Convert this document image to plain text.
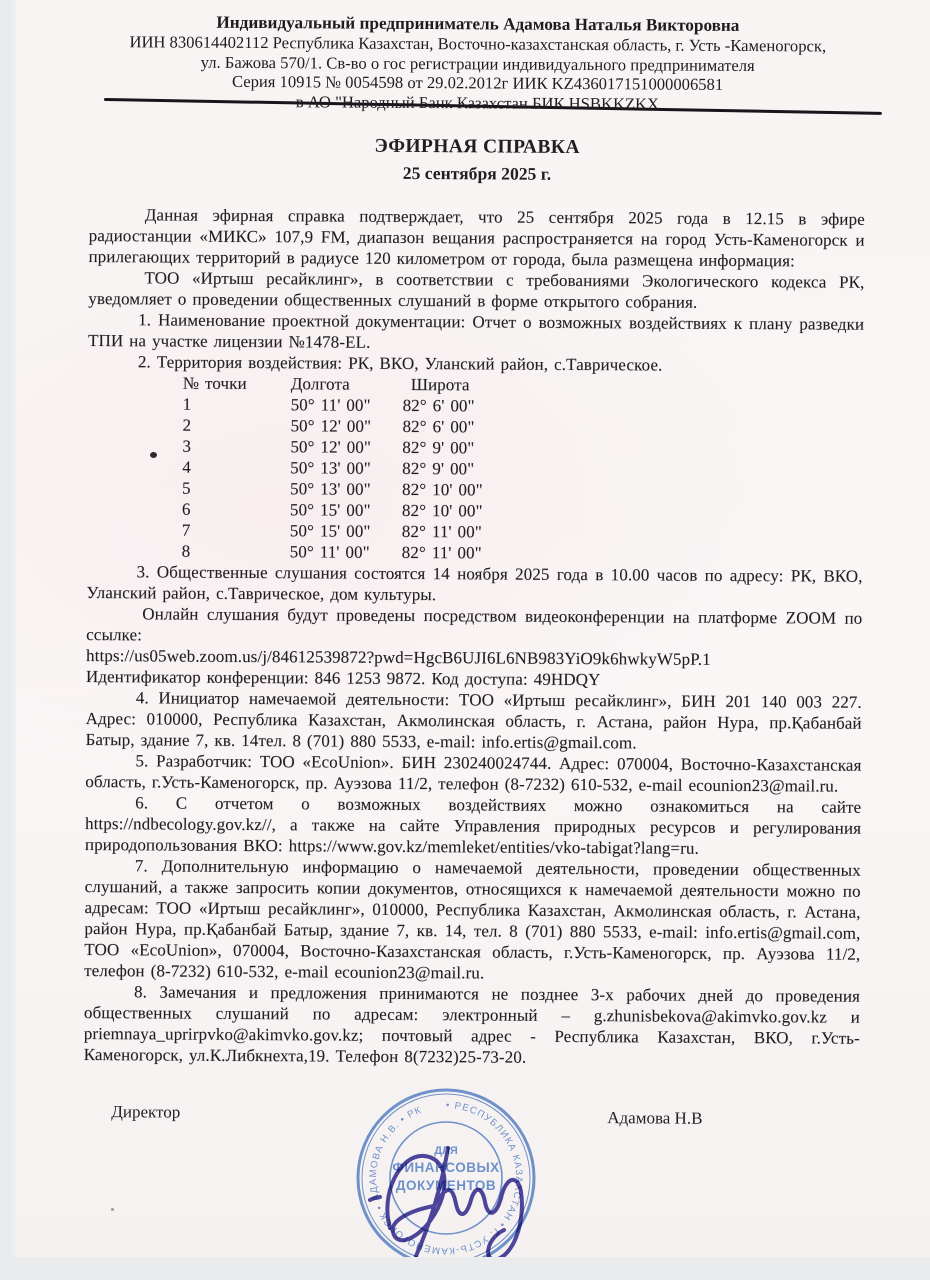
Индивидуальный предприниматель Адамова Наталья Викторовна
ИИН 830614402112 Республика Казахстан, Восточно-казахстанская область, г. Усть -Каменогорск,
ул. Бажова 570/1. Св-во о гос регистрации индивидуального предпринимателя
Серия 10915 № 0054598 от 29.02.2012г ИИК KZ436017151000006581
в АО "Народный Банк Казахстан БИК HSBKKZKX
ЭФИРНАЯ СПРАВКА
25 сентября 2025 г.
Данная эфирная справка подтверждает, что 25 сентября 2025 года в 12.15 в эфире радиостанции «МИКС» 107,9 FM, диапазон вещания распространяется на город Усть-Каменогорск и прилегающих территорий в радиусе 120 километром от города, была размещена информация:
ТОО «Иртыш ресайклинг», в соответствии с требованиями Экологического кодекса РК, уведомляет о проведении общественных слушаний в форме открытого собрания.
1. Наименование проектной документации: Отчет о возможных воздействиях к плану разведки ТПИ на участке лицензии №1478-EL.
2. Территория воздействия: РК, ВКО, Уланский район, с.Таврическое.
№ точки	Долгота	Широта
1	50° 11' 00"	82° 6' 00"
2	50° 12' 00"	82° 6' 00"
3	50° 12' 00"	82° 9' 00"
4	50° 13' 00"	82° 9' 00"
5	50° 13' 00"	82° 10' 00"
6	50° 15' 00"	82° 10' 00"
7	50° 15' 00"	82° 11' 00"
8	50° 11' 00"	82° 11' 00"
3. Общественные слушания состоятся 14 ноября 2025 года в 10.00 часов по адресу: РК, ВКО, Уланский район, с.Таврическое, дом культуры.
Онлайн слушания будут проведены посредством видеоконференции на платформе ZOOM по ссылке:
https://us05web.zoom.us/j/84612539872?pwd=HgcB6UJI6L6NB983YiO9k6hwkyW5pP.1
Идентификатор конференции: 846 1253 9872. Код доступа: 49HDQY
4. Инициатор намечаемой деятельности: ТОО «Иртыш ресайклинг», БИН 201 140 003 227. Адрес: 010000, Республика Казахстан, Акмолинская область, г. Астана, район Нура, пр.Қабанбай Батыр, здание 7, кв. 14тел. 8 (701) 880 5533, e-mail: info.ertis@gmail.com.
5. Разработчик: ТОО «EcoUnion». БИН 230240024744. Адрес: 070004, Восточно-Казахстанская область, г.Усть-Каменогорск, пр. Ауэзова 11/2, телефон (8-7232) 610-532, e-mail ecounion23@mail.ru.
6. С отчетом о возможных воздействиях можно ознакомиться на сайте https://ndbecology.gov.kz//, а также на сайте Управления природных ресурсов и регулирования природопользования ВКО: https://www.gov.kz/memleket/entities/vko-tabigat?lang=ru.
7. Дополнительную информацию о намечаемой деятельности, проведении общественных слушаний, а также запросить копии документов, относящихся к намечаемой деятельности можно по адресам: ТОО «Иртыш ресайклинг», 010000, Республика Казахстан, Акмолинская область, г. Астана, район Нура, пр.Қабанбай Батыр, здание 7, кв. 14, тел. 8 (701) 880 5533, e-mail: info.ertis@gmail.com, ТОО «EcoUnion», 070004, Восточно-Казахстанская область, г.Усть-Каменогорск, пр. Ауэзова 11/2, телефон (8-7232) 610-532, e-mail ecounion23@mail.ru.
8. Замечания и предложения принимаются не позднее 3-х рабочих дней до проведения общественных слушаний по адресам: электронный – g.zhunisbekova@akimvko.gov.kz и priemnaya_uprirpvko@akimvko.gov.kz; почтовый адрес - Республика Казахстан, ВКО, г.Усть-Каменогорск, ул.К.Либкнехта,19. Телефон 8(7232)25-73-20.
Директор	Адамова Н.В
• РЕСПУБЛИКА КАЗАХСТАН • Г. УСТЬ-КАМЕНОГОРСК • АДАМОВА Н.В. • РК
ДЛЯ
ФИНАНСОВЫХ
ДОКУМЕНТОВ
